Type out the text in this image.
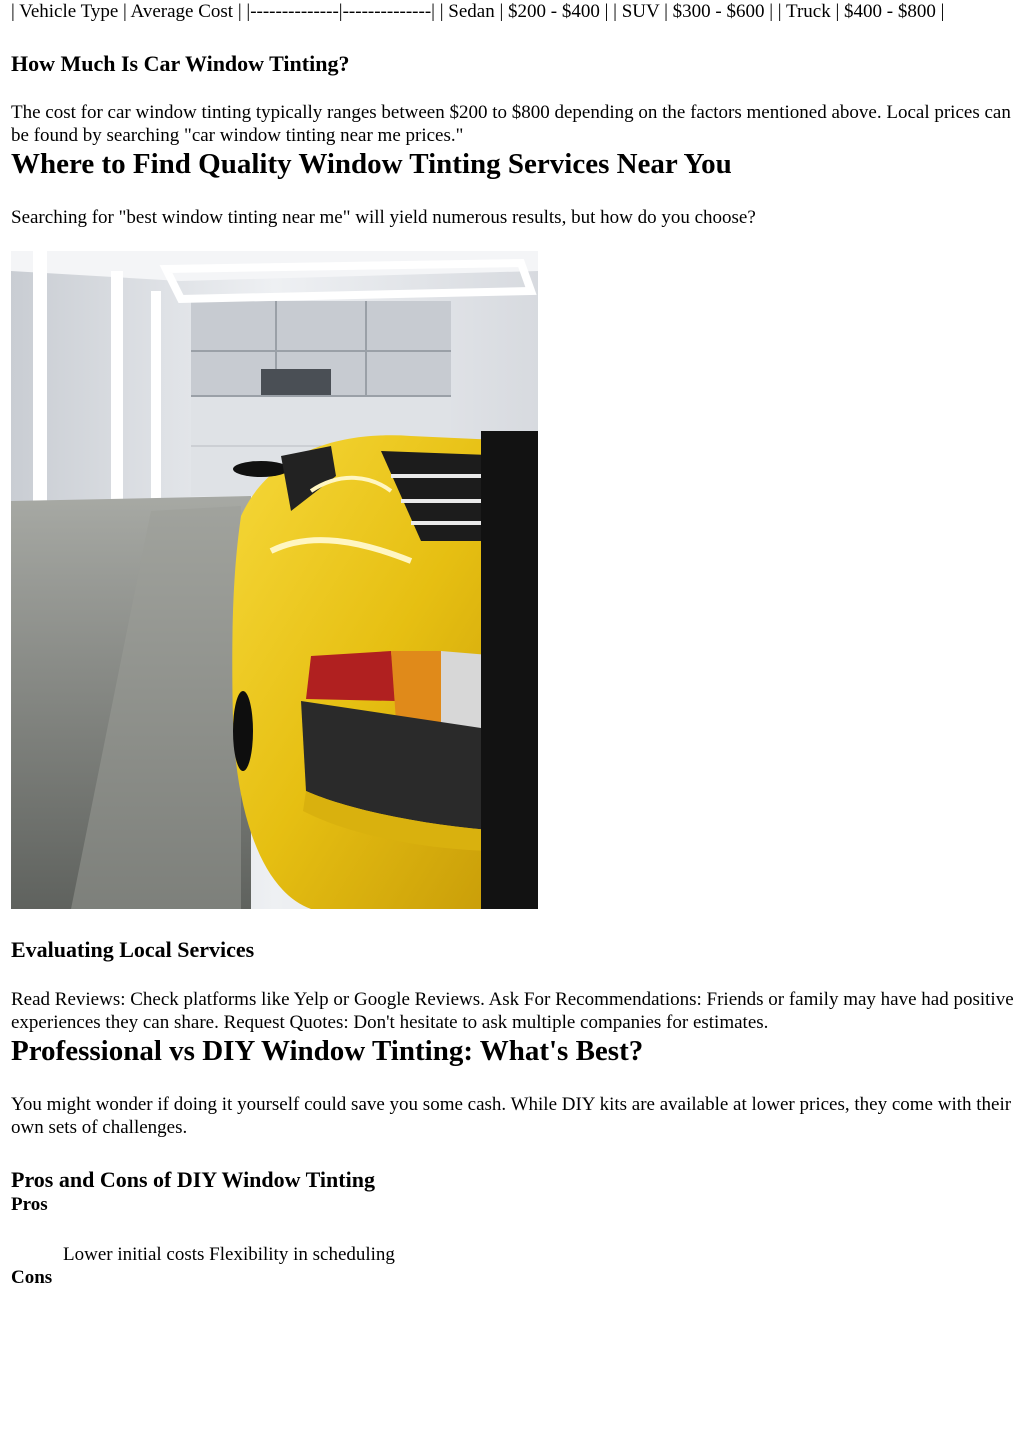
| Vehicle Type | Average Cost | |--------------|--------------| | Sedan | $200 - $400 | | SUV | $300 - $600 | | Truck | $400 - $800 |

How Much Is Car Window Tinting?

The cost for car window tinting typically ranges between $200 to $800 depending on the factors mentioned above. Local prices can be found by searching "car window tinting near me prices."

Where to Find Quality Window Tinting Services Near You

Searching for "best window tinting near me" will yield numerous results, but how do you choose?

Evaluating Local Services

Read Reviews: Check platforms like Yelp or Google Reviews. Ask For Recommendations: Friends or family may have had positive experiences they can share. Request Quotes: Don't hesitate to ask multiple companies for estimates.

Professional vs DIY Window Tinting: What's Best?

You might wonder if doing it yourself could save you some cash. While DIY kits are available at lower prices, they come with their own sets of challenges.

Pros and Cons of DIY Window Tinting
Pros

Lower initial costs Flexibility in scheduling

Cons
